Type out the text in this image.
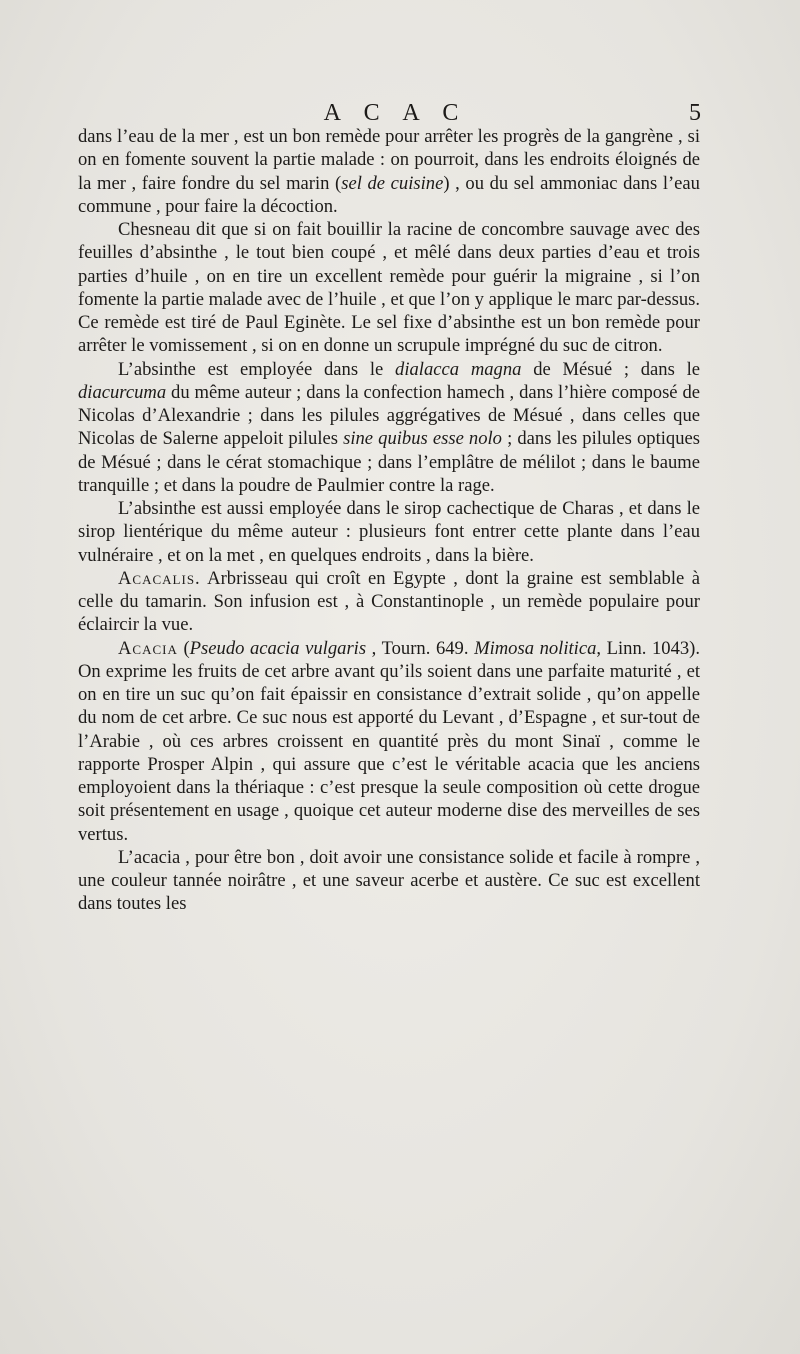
A C A C	5

dans l’eau de la mer , est un bon remède pour arrêter les progrès de la gangrène , si on en fomente souvent la partie malade : on pourroit, dans les endroits éloignés de la mer , faire fondre du sel marin (sel de cuisine) , ou du sel ammoniac dans l’eau commune , pour faire la décoction.

Chesneau dit que si on fait bouillir la racine de concombre sauvage avec des feuilles d’absinthe , le tout bien coupé , et mêlé dans deux parties d’eau et trois parties d’huile , on en tire un excellent remède pour guérir la migraine , si l’on fomente la partie malade avec de l’huile , et que l’on y applique le marc par-dessus. Ce remède est tiré de Paul Eginète. Le sel fixe d’absinthe est un bon remède pour arrêter le vomissement , si on en donne un scrupule imprégné du suc de citron.

L’absinthe est employée dans le dialacca magna de Mésué ; dans le diacurcuma du même auteur ; dans la confection hamech , dans l’hière composé de Nicolas d’Alexandrie ; dans les pilules aggrégatives de Mésué , dans celles que Nicolas de Salerne appeloit pilules sine quibus esse nolo ; dans les pilules optiques de Mésué ; dans le cérat stomachique ; dans l’emplâtre de mélilot ; dans le baume tranquille ; et dans la poudre de Paulmier contre la rage.

L’absinthe est aussi employée dans le sirop cachectique de Charas , et dans le sirop lientérique du même auteur : plusieurs font entrer cette plante dans l’eau vulnéraire , et on la met , en quelques endroits , dans la bière.

Acacalis. Arbrisseau qui croît en Egypte , dont la graine est semblable à celle du tamarin. Son infusion est , à Constantinople , un remède populaire pour éclaircir la vue.

Acacia (Pseudo acacia vulgaris , Tourn. 649. Mimosa nolitica, Linn. 1043). On exprime les fruits de cet arbre avant qu’ils soient dans une parfaite maturité , et on en tire un suc qu’on fait épaissir en consistance d’extrait solide , qu’on appelle du nom de cet arbre. Ce suc nous est apporté du Levant , d’Espagne , et sur-tout de l’Arabie , où ces arbres croissent en quantité près du mont Sinaï , comme le rapporte Prosper Alpin , qui assure que c’est le véritable acacia que les anciens employoient dans la thériaque : c’est presque la seule composition où cette drogue soit présentement en usage , quoique cet auteur moderne dise des merveilles de ses vertus.

L’acacia , pour être bon , doit avoir une consistance solide et facile à rompre , une couleur tannée noirâtre , et une saveur acerbe et austère. Ce suc est excellent dans toutes les
